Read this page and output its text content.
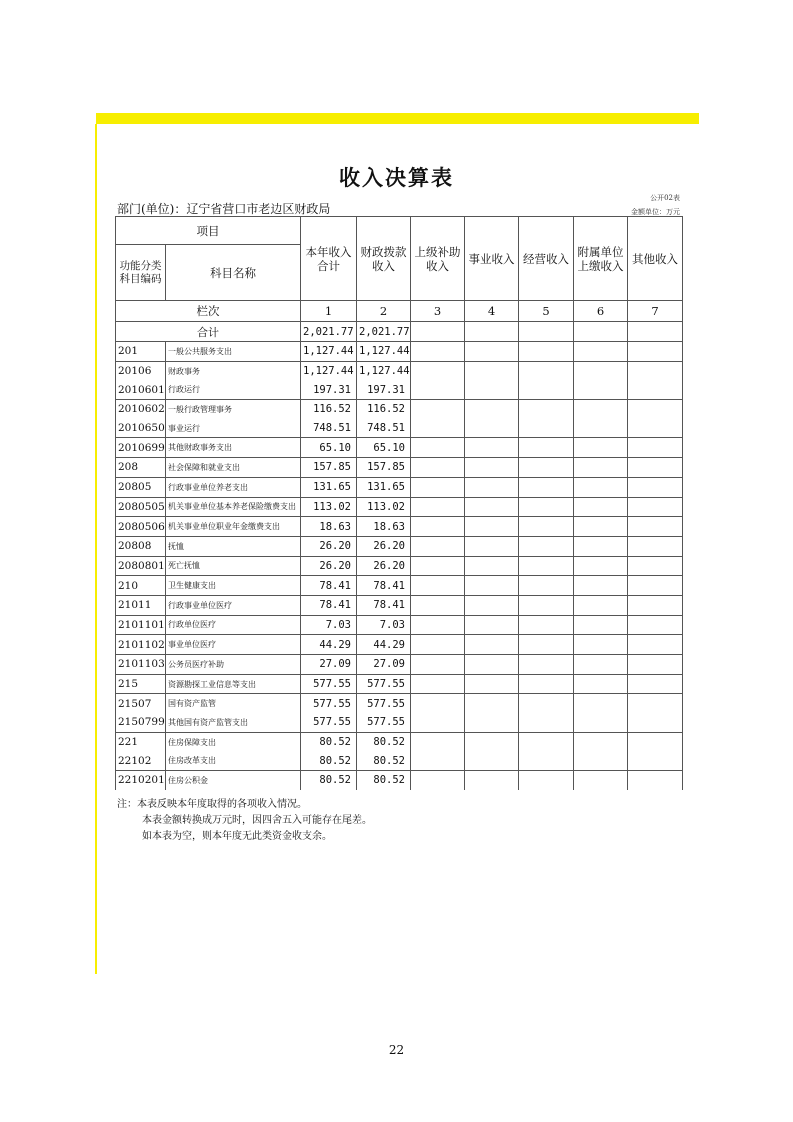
收入决算表
公开02表
金额单位：万元
部门(单位)：辽宁省营口市老边区财政局
项目		本年收入合计	财政拨款收入	上级补助收入	事业收入	经营收入	附属单位上缴收入	其他收入
功能分类科目编码	科目名称							
栏次		1	2	3	4	5	6	7
合计		2,021.77	2,021.77					
201	一般公共服务支出	1,127.44	1,127.44					
20106	财政事务	1,127.44	1,127.44					
2010601	行政运行	197.31	197.31					
2010602	一般行政管理事务	116.52	116.52					
2010650	事业运行	748.51	748.51					
2010699	其他财政事务支出	65.10	65.10					
208	社会保障和就业支出	157.85	157.85					
20805	行政事业单位养老支出	131.65	131.65					
2080505	机关事业单位基本养老保险缴费支出	113.02	113.02					
2080506	机关事业单位职业年金缴费支出	18.63	18.63					
20808	抚恤	26.20	26.20					
2080801	死亡抚恤	26.20	26.20					
210	卫生健康支出	78.41	78.41					
21011	行政事业单位医疗	78.41	78.41					
2101101	行政单位医疗	7.03	7.03					
2101102	事业单位医疗	44.29	44.29					
2101103	公务员医疗补助	27.09	27.09					
215	资源勘探工业信息等支出	577.55	577.55					
21507	国有资产监管	577.55	577.55					
2150799	其他国有资产监管支出	577.55	577.55					
221	住房保障支出	80.52	80.52					
22102	住房改革支出	80.52	80.52					
2210201	住房公积金	80.52	80.52					
注：本表反映本年度取得的各项收入情况。
本表金额转换成万元时，因四舍五入可能存在尾差。
如本表为空，则本年度无此类资金收支余。
22
